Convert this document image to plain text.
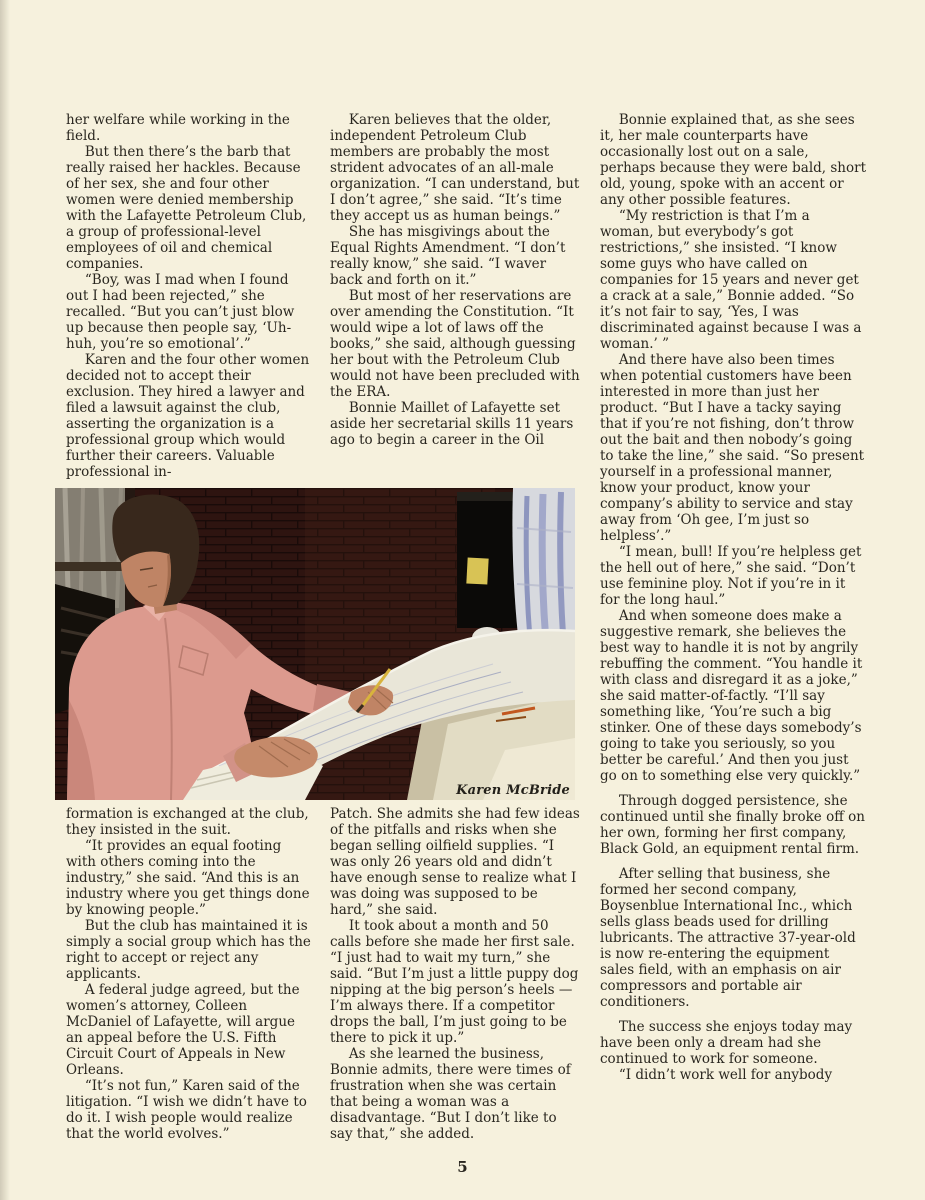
her welfare while working in the field.

But then there’s the barb that really raised her hackles. Because of her sex, she and four other women were denied membership with the Lafayette Petroleum Club, a group of professional-level employees of oil and chemical companies.

“Boy, was I mad when I found out I had been rejected,” she recalled. “But you can’t just blow up because then people say, ‘Uh-huh, you’re so emotional’.”

Karen and the four other women decided not to accept their exclusion. They hired a lawyer and filed a lawsuit against the club, asserting the organization is a professional group which would further their careers. Valuable professional in-

Karen believes that the older, independent Petroleum Club members are probably the most strident advocates of an all-male organization. “I can understand, but I don’t agree,” she said. “It’s time they accept us as human beings.”

She has misgivings about the Equal Rights Amendment. “I don’t really know,” she said. “I waver back and forth on it.”

But most of her reservations are over amending the Constitution. “It would wipe a lot of laws off the books,” she said, although guessing her bout with the Petroleum Club would not have been precluded with the ERA.

Bonnie Maillet of Lafayette set aside her secretarial skills 11 years ago to begin a career in the Oil

Bonnie explained that, as she sees it, her male counterparts have occasionally lost out on a sale, perhaps because they were bald, short old, young, spoke with an accent or any other possible features.

“My restriction is that I’m a woman, but everybody’s got restrictions,” she insisted. “I know some guys who have called on companies for 15 years and never get a crack at a sale,” Bonnie added. “So it’s not fair to say, ‘Yes, I was discriminated against because I was a woman.’ ”

And there have also been times when potential customers have been interested in more than just her product. “But I have a tacky saying that if you’re not fishing, don’t throw out the bait and then nobody’s going to take the line,” she said. “So present yourself in a professional manner, know your product, know your company’s ability to service and stay away from ‘Oh gee, I’m just so helpless’.”

“I mean, bull! If you’re helpless get the hell out of here,” she said. “Don’t use feminine ploy. Not if you’re in it for the long haul.”

And when someone does make a suggestive remark, she believes the best way to handle it is not by angrily rebuffing the comment. “You handle it with class and disregard it as a joke,” she said matter-of-factly. “I’ll say something like, ‘You’re such a big stinker. One of these days somebody’s going to take you seriously, so you better be careful.’ And then you just go on to something else very quickly.”

Through dogged persistence, she continued until she finally broke off on her own, forming her first company, Black Gold, an equipment rental firm.

After selling that business, she formed her second company, Boysenblue International Inc., which sells glass beads used for drilling lubricants. The attractive 37-year-old is now re-entering the equipment sales field, with an emphasis on air compressors and portable air conditioners.

The success she enjoys today may have been only a dream had she continued to work for someone.

“I didn’t work well for anybody

Karen McBride

formation is exchanged at the club, they insisted in the suit.

“It provides an equal footing with others coming into the industry,” she said. “And this is an industry where you get things done by knowing people.”

But the club has maintained it is simply a social group which has the right to accept or reject any applicants.

A federal judge agreed, but the women’s attorney, Colleen McDaniel of Lafayette, will argue an appeal before the U.S. Fifth Circuit Court of Appeals in New Orleans.

“It’s not fun,” Karen said of the litigation. “I wish we didn’t have to do it. I wish people would realize that the world evolves.”

Patch. She admits she had few ideas of the pitfalls and risks when she began selling oilfield supplies. “I was only 26 years old and didn’t have enough sense to realize what I was doing was supposed to be hard,” she said.

It took about a month and 50 calls before she made her first sale. “I just had to wait my turn,” she said. “But I’m just a little puppy dog nipping at the big person’s heels — I’m always there. If a competitor drops the ball, I’m just going to be there to pick it up.”

As she learned the business, Bonnie admits, there were times of frustration when she was certain that being a woman was a disadvantage. “But I don’t like to say that,” she added.

5
